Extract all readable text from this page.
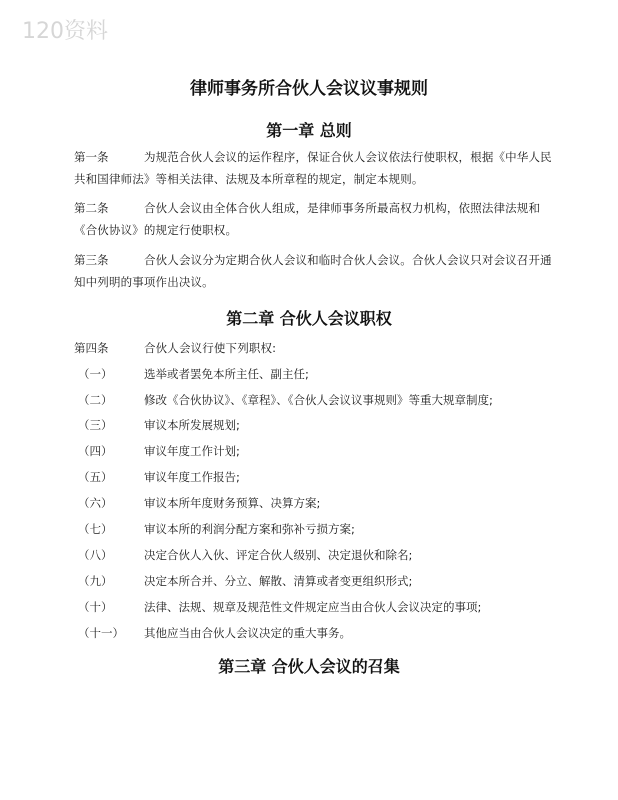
120资料
律师事务所合伙人会议议事规则
第一章 总则
第一条	为规范合伙人会议的运作程序，保证合伙人会议依法行使职权，根据《中华人民共和国律师法》等相关法律、法规及本所章程的规定，制定本规则。
第二条	合伙人会议由全体合伙人组成，是律师事务所最高权力机构，依照法律法规和《合伙协议》的规定行使职权。
第三条	合伙人会议分为定期合伙人会议和临时合伙人会议。合伙人会议只对会议召开通知中列明的事项作出决议。
第二章 合伙人会议职权
第四条	合伙人会议行使下列职权:
（一）	选举或者罢免本所主任、副主任;
（二）	修改《合伙协议》、《章程》、《合伙人会议议事规则》等重大规章制度;
（三）	审议本所发展规划;
（四）	审议年度工作计划;
（五）	审议年度工作报告;
（六）	审议本所年度财务预算、决算方案;
（七）	审议本所的利润分配方案和弥补亏损方案;
（八）	决定合伙人入伙、评定合伙人级别、决定退伙和除名;
（九）	决定本所合并、分立、解散、清算或者变更组织形式;
（十）	法律、法规、规章及规范性文件规定应当由合伙人会议决定的事项;
（十一） 其他应当由合伙人会议决定的重大事务。
第三章 合伙人会议的召集
